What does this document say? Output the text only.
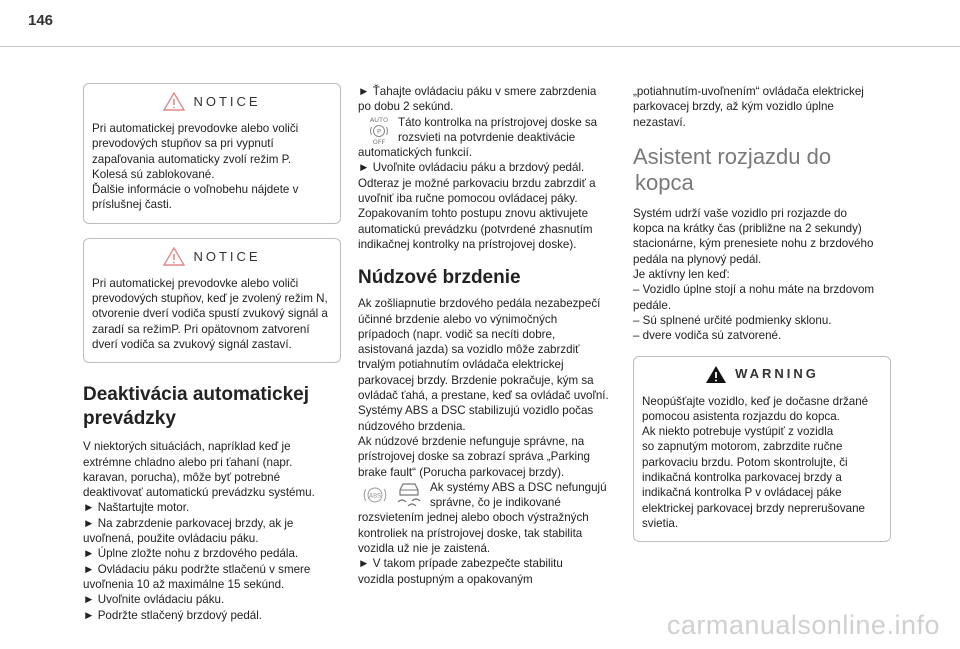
146
NOTICE

Pri automatickej prevodovke alebo voliči

prevodových stupňov sa pri vypnutí

zapaľovania automaticky zvolí režim P.

Kolesá sú zablokované.

Ďalšie informácie o voľnobehu nájdete v

príslušnej časti.

NOTICE

Pri automatickej prevodovke alebo voliči

prevodových stupňov, keď je zvolený režim N,

otvorenie dverí vodiča spustí zvukový signál a

zaradí sa režimP. Pri opätovnom zatvorení

dverí vodiča sa zvukový signál zastaví.

Deaktivácia automatickej prevádzky

V niektorých situáciách, napríklad keď je

extrémne chladno alebo pri ťahaní (napr.

karavan, porucha), môže byť potrebné

deaktivovať automatickú prevádzku systému.

► Naštartujte motor.

► Na zabrzdenie parkovacej brzdy, ak je

uvoľnená, použite ovládaciu páku.

► Úplne zložte nohu z brzdového pedála.

► Ovládaciu páku podržte stlačenú v smere

uvoľnenia 10 až maximálne 15 sekúnd.

► Uvoľnite ovládaciu páku.

► Podržte stlačený brzdový pedál.

► Ťahajte ovládaciu páku v smere zabrzdenia

po dobu 2 sekúnd.

AUTO
P
OFF

Táto kontrolka na prístrojovej doske sa

rozsvieti na potvrdenie deaktivácie

automatických funkcií.

► Uvoľnite ovládaciu páku a brzdový pedál.

Odteraz je možné parkovaciu brzdu zabrzdiť a

uvoľniť iba ručne pomocou ovládacej páky.

Zopakovaním tohto postupu znovu aktivujete

automatickú prevádzku (potvrdené zhasnutím

indikačnej kontrolky na prístrojovej doske).

Núdzové brzdenie

Ak zošliapnutie brzdového pedála nezabezpečí

účinné brzdenie alebo vo výnimočných

prípadoch (napr. vodič sa necíti dobre,

asistovaná jazda) sa vozidlo môže zabrzdiť

trvalým potiahnutím ovládača elektrickej

parkovacej brzdy. Brzdenie pokračuje, kým sa

ovládač ťahá, a prestane, keď sa ovládač uvoľní.

Systémy ABS a DSC stabilizujú vozidlo počas

núdzového brzdenia.

Ak núdzové brzdenie nefunguje správne, na

prístrojovej doske sa zobrazí správa „Parking

brake fault“ (Porucha parkovacej brzdy).

ABS

Ak systémy ABS a DSC nefungujú

správne, čo je indikované

rozsvietením jednej alebo oboch výstražných

kontroliek na prístrojovej doske, tak stabilita

vozidla už nie je zaistená.

► V takom prípade zabezpečte stabilitu

vozidla postupným a opakovaným

„potiahnutím-uvoľnením“ ovládača elektrickej

parkovacej brzdy, až kým vozidlo úplne

nezastaví.

Asistent rozjazdu do
kopca

Systém udrží vaše vozidlo pri rozjazde do

kopca na krátky čas (približne na 2 sekundy)

stacionárne, kým prenesiete nohu z brzdového

pedála na plynový pedál.

Je aktívny len keď:

– Vozidlo úplne stojí a nohu máte na brzdovom

pedále.

– Sú splnené určité podmienky sklonu.

– dvere vodiča sú zatvorené.

WARNING

Neopúšťajte vozidlo, keď je dočasne držané

pomocou asistenta rozjazdu do kopca.

Ak niekto potrebuje vystúpiť z vozidla

so zapnutým motorom, zabrzdite ručne

parkovaciu brzdu. Potom skontrolujte, či

indikačná kontrolka parkovacej brzdy a

indikačná kontrolka P v ovládacej páke

elektrickej parkovacej brzdy neprerušovane

svietia.

carmanualsonline.info
